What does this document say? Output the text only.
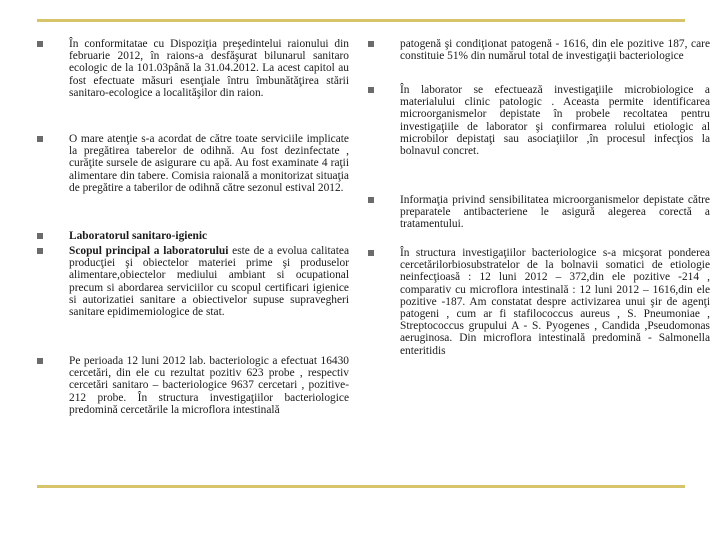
În conformitatae cu Dispoziţia preşedintelui raionului din februarie 2012, în raions-a desfăşurat bilunarul sanitaro ecologic de la 101.03până la 31.04.2012. La acest capitol au fost efectuate măsuri esenţiale întru îmbunătăţirea stării sanitaro-ecologice a localităşilor din raion.
O mare atenţie s-a acordat de către toate serviciile implicate la pregătirea taberelor de odihnă. Au fost dezinfectate , curăţite sursele de asigurare cu apă. Au fost examinate 4 raţii alimentare din tabere. Comisia raională a monitorizat situaţia de pregătire a taberilor de odihnă către sezonul estival 2012.
Laboratorul sanitaro-igienic
Scopul principal a laboratorului este de a evolua calitatea producţiei şi obiectelor materiei prime şi produselor alimentare,obiectelor mediului ambiant si ocupational precum si abordarea serviciilor cu scopul certificari igienice si autorizatiei sanitare a obiectivelor supuse supravegheri sanitare epidimemiologice de stat.
Pe perioada 12 luni 2012 lab. bacteriologic a efectuat 16430 cercetări, din ele cu rezultat pozitiv 623 probe , respectiv cercetări sanitaro – bacteriologice 9637 cercetari , pozitive- 212 probe. În structura investigaţiilor bacteriologice predomină cercetările la microflora intestinală
patogenă şi condiţionat patogenă - 1616, din ele pozitive 187, care constituie 51% din numărul total de investigaţii bacteriologice
În laborator se efectuează investigaţiile microbiologice a materialului clinic patologic . Aceasta permite identificarea microorganismelor depistate în probele recoltatea pentru investigaţiile de laborator şi confirmarea rolului etiologic al microbilor depistaţi sau asociaţiilor ,în procesul infecţios la bolnavul concret.
Informaţia privind sensibilitatea microorganismelor depistate către preparatele antibacteriene le asigură alegerea corectă a tratamentului.
În structura investigaţiilor bacteriologice s-a micşorat ponderea cercetărilorbiosubstratelor de la bolnavii somatici de etiologie neinfecţioasă : 12 luni 2012 – 372,din ele pozitive -214 , comparativ cu microflora intestinală : 12 luni 2012 – 1616,din ele pozitive -187. Am constatat despre activizarea unui şir de agenţi patogeni , cum ar fi stafilococcus aureus , S. Pneumoniae , Streptococcus grupului A - S. Pyogenes , Candida ,Pseudomonas aeruginosa. Din microflora intestinală predomină - Salmonella enteritidis
